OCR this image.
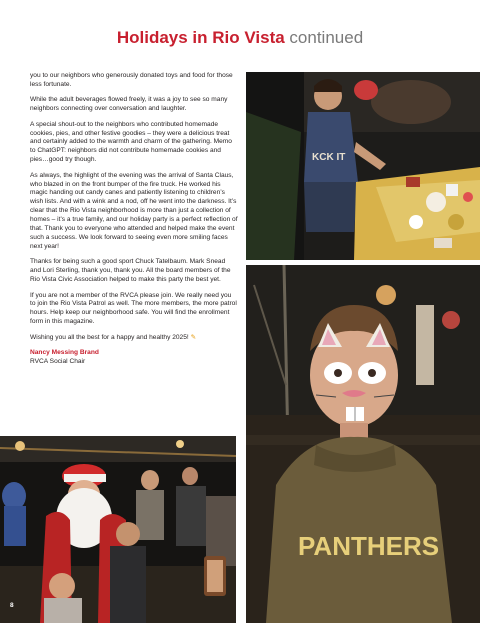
Holidays in Rio Vista continued

you to our neighbors who generously donated toys and food for those less fortunate.

While the adult beverages flowed freely, it was a joy to see so many neighbors connecting over conversation and laughter.

A special shout-out to the neighbors who contributed homemade cookies, pies, and other festive goodies – they were a delicious treat and certainly added to the warmth and charm of the gathering. Memo to ChatGPT: neighbors did not contribute homemade cookies and pies…good try though.

As always, the highlight of the evening was the arrival of Santa Claus, who blazed in on the front bumper of the fire truck. He worked his magic handing out candy canes and patiently listening to children’s wish lists. And with a wink and a nod, off he went into the darkness. It’s clear that the Rio Vista neighborhood is more than just a collection of homes – it’s a true family, and our holiday party is a perfect reflection of that. Thank you to everyone who attended and helped make the event such a success. We look forward to seeing even more smiling faces next year!

Thanks for being such a good sport Chuck Tatelbaum. Mark Snead and Lori Sterling, thank you, thank you. All the board members of the Rio Vista Civic Association helped to make this party the best yet.

If you are not a member of the RVCA please join. We really need you to join the Rio Vista Patrol as well. The more members, the more patrol hours. Help keep our neighborhood safe. You will find the enrollment form in this magazine.

Wishing you all the best for a happy and healthy 2025! ✎

Nancy Messing Brand
RVCA Social Chair
KCK IT
PANTHERS
8
